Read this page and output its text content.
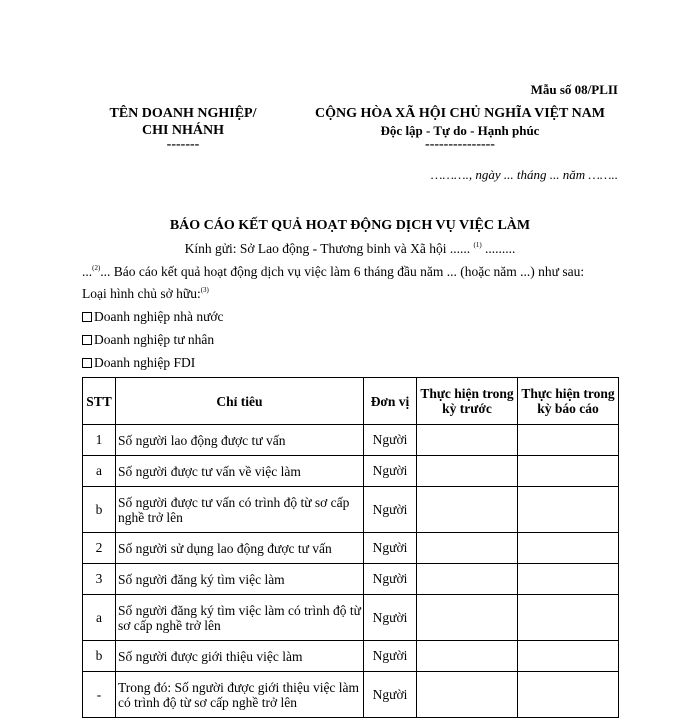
Mẫu số 08/PLII
TÊN DOANH NGHIỆP/
CHI NHÁNH
-------
CỘNG HÒA XÃ HỘI CHỦ NGHĨA VIỆT NAM
Độc lập - Tự do - Hạnh phúc
---------------
………., ngày ... tháng ... năm ……..
BÁO CÁO KẾT QUẢ HOẠT ĐỘNG DỊCH VỤ VIỆC LÀM
Kính gửi: Sở Lao động - Thương binh và Xã hội ...... $^{(1)}$ .........
...$^{(2)}$... Báo cáo kết quả hoạt động dịch vụ việc làm 6 tháng đầu năm ... (hoặc năm ...) như sau:
Loại hình chủ sở hữu:$^{(3)}$
Doanh nghiệp nhà nước
Doanh nghiệp tư nhân
Doanh nghiệp FDI
STT	Chỉ tiêu	Đơn vị	Thực hiện trong kỳ trước	Thực hiện trong kỳ báo cáo
1	Số người lao động được tư vấn	Người		
a	Số người được tư vấn về việc làm	Người		
b	Số người được tư vấn có trình độ từ sơ cấp nghề trở lên	Người		
2	Số người sử dụng lao động được tư vấn	Người		
3	Số người đăng ký tìm việc làm	Người		
a	Số người đăng ký tìm việc làm có trình độ từ sơ cấp nghề trở lên	Người		
b	Số người được giới thiệu việc làm	Người		
-	Trong đó: Số người được giới thiệu việc làm có trình độ từ sơ cấp nghề trở lên	Người		
